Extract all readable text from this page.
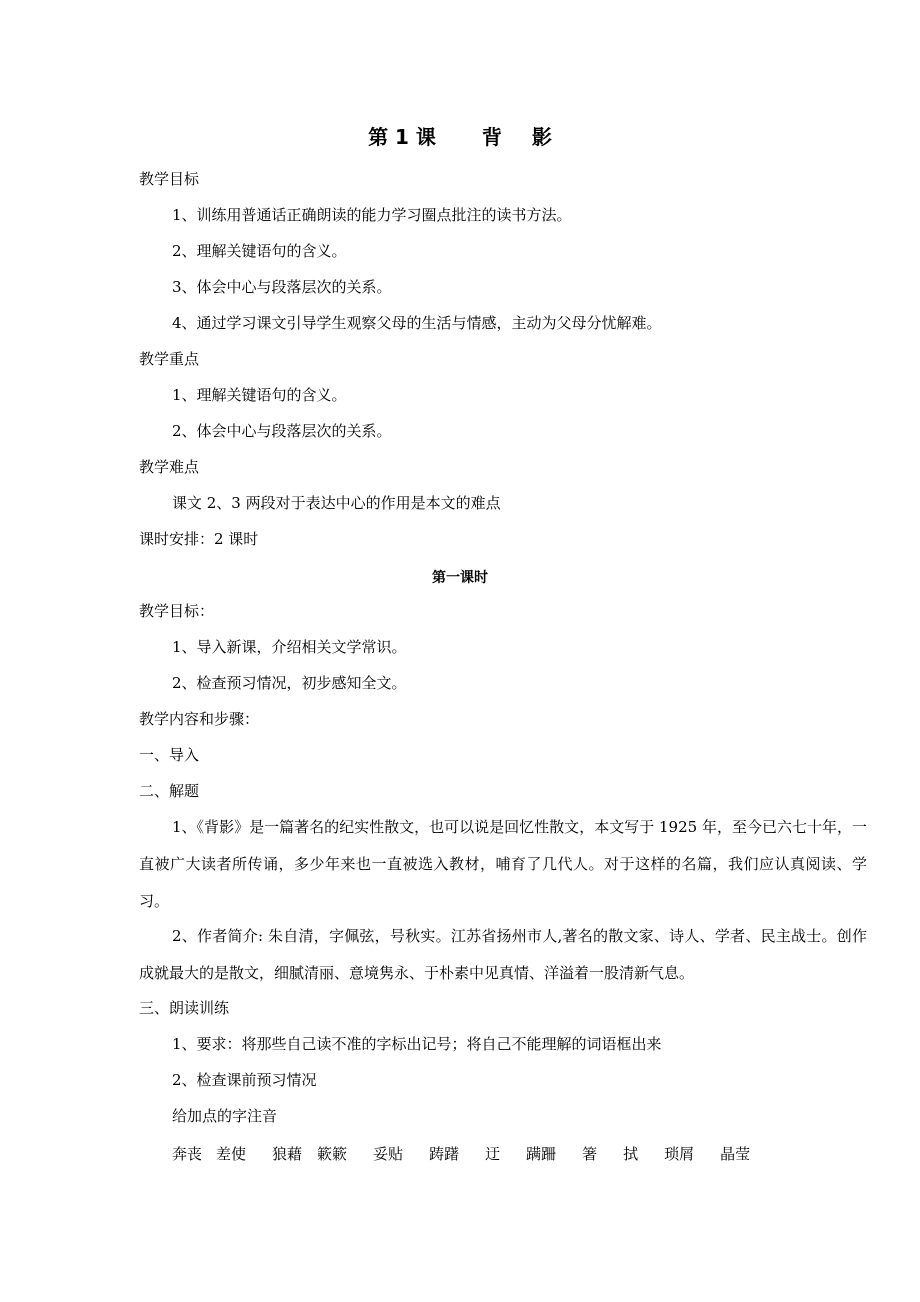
第 1 课 背 影
教学目标
1、训练用普通话正确朗读的能力学习圈点批注的读书方法。
2、理解关键语句的含义。
3、体会中心与段落层次的关系。
4、通过学习课文引导学生观察父母的生活与情感，主动为父母分忧解难。
教学重点
1、理解关键语句的含义。
2、体会中心与段落层次的关系。
教学难点
课文 2、3 两段对于表达中心的作用是本文的难点
课时安排：2 课时
第一课时
教学目标：
1、导入新课，介绍相关文学常识。
2、检查预习情况，初步感知全文。
教学内容和步骤：
一、导入
二、解题
1、《背影》是一篇著名的纪实性散文，也可以说是回忆性散文，本文写于 1925 年，至今已六七十年，一直被广大读者所传诵，多少年来也一直被选入教材，哺育了几代人。对于这样的名篇，我们应认真阅读、学习。
2、作者简介: 朱自清，字佩弦，号秋实。江苏省扬州市人,著名的散文家、诗人、学者、民主战士。创作成就最大的是散文，细腻清丽、意境隽永、于朴素中见真情、洋溢着一股清新气息。
三、朗读训练
1、要求：将那些自己读不准的字标出记号；将自己不能理解的词语框出来
2、检查课前预习情况
给加点的字注音
奔丧 差使 狼藉 簌簌 妥贴 踌躇 迂 蹒跚 箸 拭 琐屑 晶莹
